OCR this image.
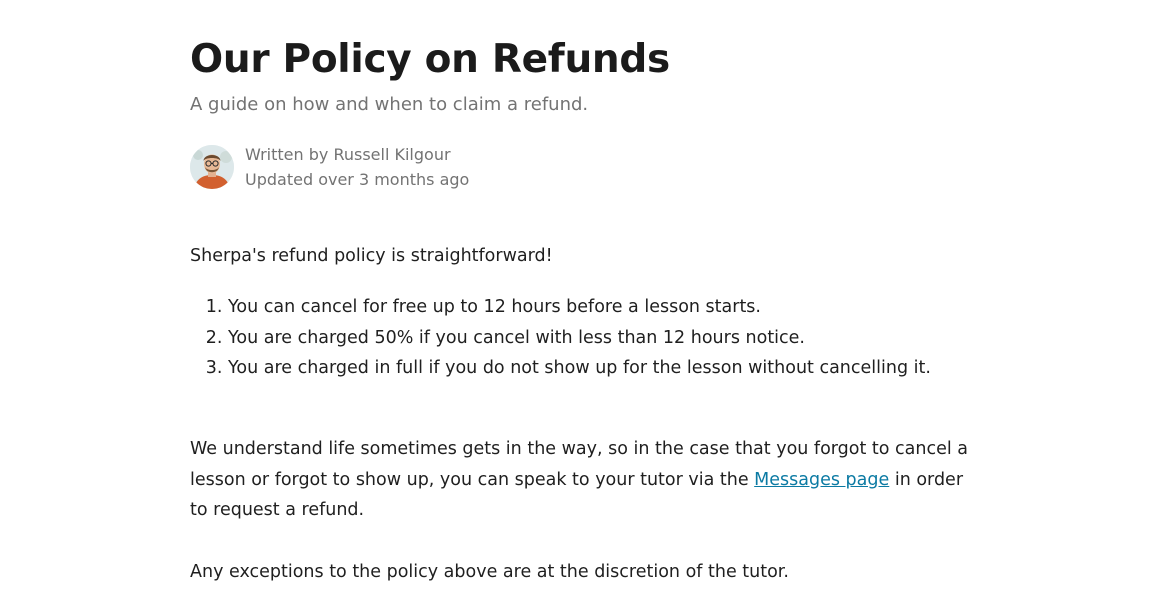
Our Policy on Refunds

A guide on how and when to claim a refund.

Written by Russell Kilgour
Updated over 3 months ago

Sherpa's refund policy is straightforward!

1. You can cancel for free up to 12 hours before a lesson starts.
2. You are charged 50% if you cancel with less than 12 hours notice.
3. You are charged in full if you do not show up for the lesson without cancelling it.

We understand life sometimes gets in the way, so in the case that you forgot to cancel a lesson or forgot to show up, you can speak to your tutor via the Messages page in order to request a refund.

Any exceptions to the policy above are at the discretion of the tutor.
